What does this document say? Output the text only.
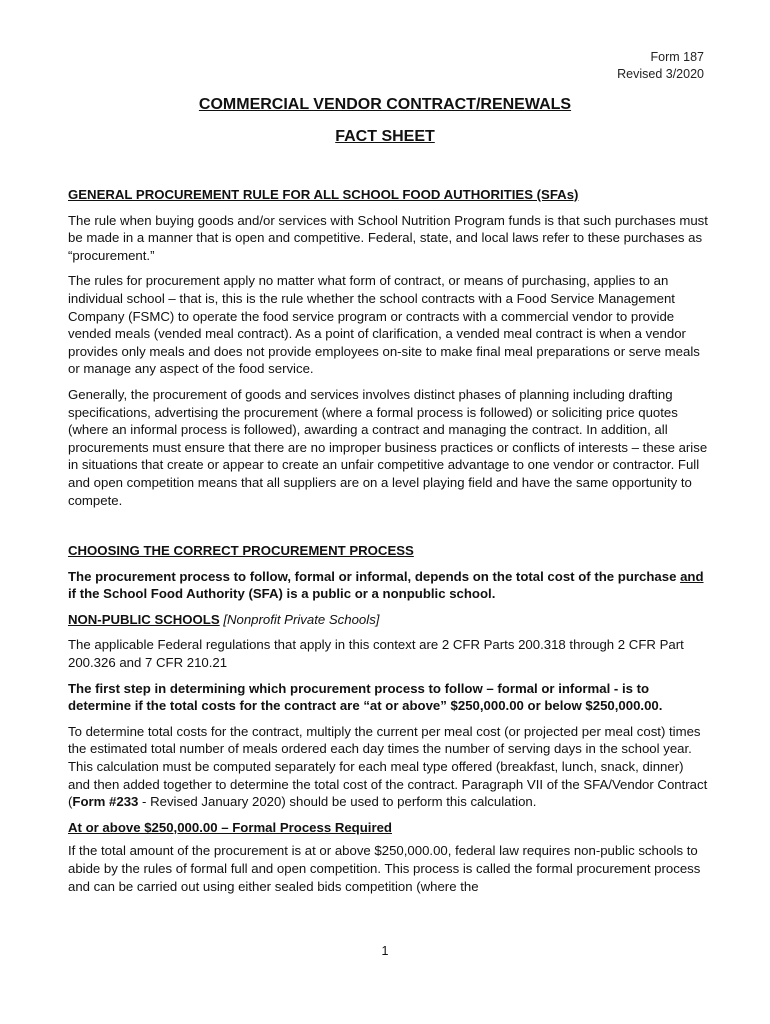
Form 187
Revised 3/2020
COMMERCIAL VENDOR CONTRACT/RENEWALS
FACT SHEET
GENERAL PROCUREMENT RULE FOR ALL SCHOOL FOOD AUTHORITIES (SFAs)

The rule when buying goods and/or services with School Nutrition Program funds is that such purchases must be made in a manner that is open and competitive. Federal, state, and local laws refer to these purchases as “procurement.”

The rules for procurement apply no matter what form of contract, or means of purchasing, applies to an individual school – that is, this is the rule whether the school contracts with a Food Service Management Company (FSMC) to operate the food service program or contracts with a commercial vendor to provide vended meals (vended meal contract). As a point of clarification, a vended meal contract is when a vendor provides only meals and does not provide employees on-site to make final meal preparations or serve meals or manage any aspect of the food service.

Generally, the procurement of goods and services involves distinct phases of planning including drafting specifications, advertising the procurement (where a formal process is followed) or soliciting price quotes (where an informal process is followed), awarding a contract and managing the contract. In addition, all procurements must ensure that there are no improper business practices or conflicts of interests – these arise in situations that create or appear to create an unfair competitive advantage to one vendor or contractor. Full and open competition means that all suppliers are on a level playing field and have the same opportunity to compete.

CHOOSING THE CORRECT PROCUREMENT PROCESS

The procurement process to follow, formal or informal, depends on the total cost of the purchase and if the School Food Authority (SFA) is a public or a nonpublic school.

NON-PUBLIC SCHOOLS [Nonprofit Private Schools]

The applicable Federal regulations that apply in this context are 2 CFR Parts 200.318 through 2 CFR Part 200.326 and 7 CFR 210.21

The first step in determining which procurement process to follow – formal or informal - is to determine if the total costs for the contract are “at or above” $250,000.00 or below $250,000.00.

To determine total costs for the contract, multiply the current per meal cost (or projected per meal cost) times the estimated total number of meals ordered each day times the number of serving days in the school year. This calculation must be computed separately for each meal type offered (breakfast, lunch, snack, dinner) and then added together to determine the total cost of the contract. Paragraph VII of the SFA/Vendor Contract (Form #233 - Revised January 2020) should be used to perform this calculation.

At or above $250,000.00 – Formal Process Required

If the total amount of the procurement is at or above $250,000.00, federal law requires non-public schools to abide by the rules of formal full and open competition. This process is called the formal procurement process and can be carried out using either sealed bids competition (where the

1
